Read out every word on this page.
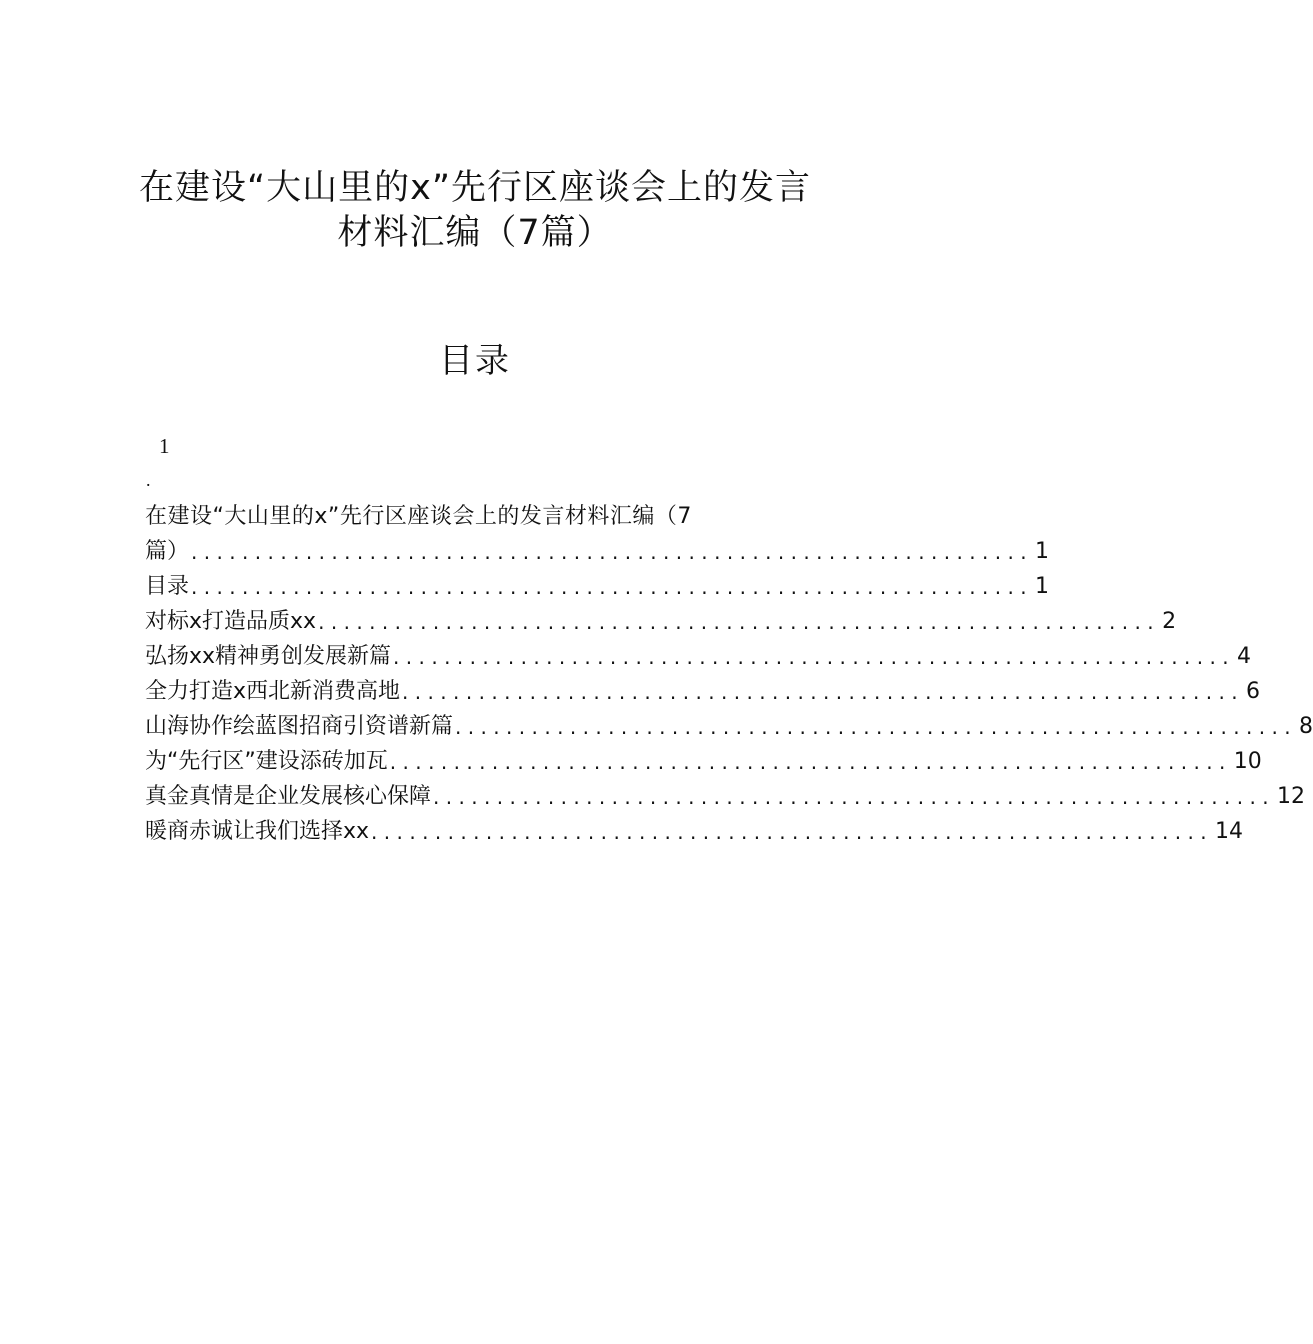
在建设“大山里的x”先行区座谈会上的发言
材料汇编（7篇）
目录
1
.
在建设“大山里的x”先行区座谈会上的发言材料汇编（7
篇） .................................................................. 1
目录 .................................................................. 1
对标x打造品质xx .................................................................. 2
弘扬xx精神勇创发展新篇 .................................................................. 4
全力打造x西北新消费高地 .................................................................. 6
山海协作绘蓝图招商引资谱新篇 .................................................................. 8
为“先行区”建设添砖加瓦 .................................................................. 10
真金真情是企业发展核心保障 .................................................................. 12
暖商赤诚让我们选择xx .................................................................. 14
